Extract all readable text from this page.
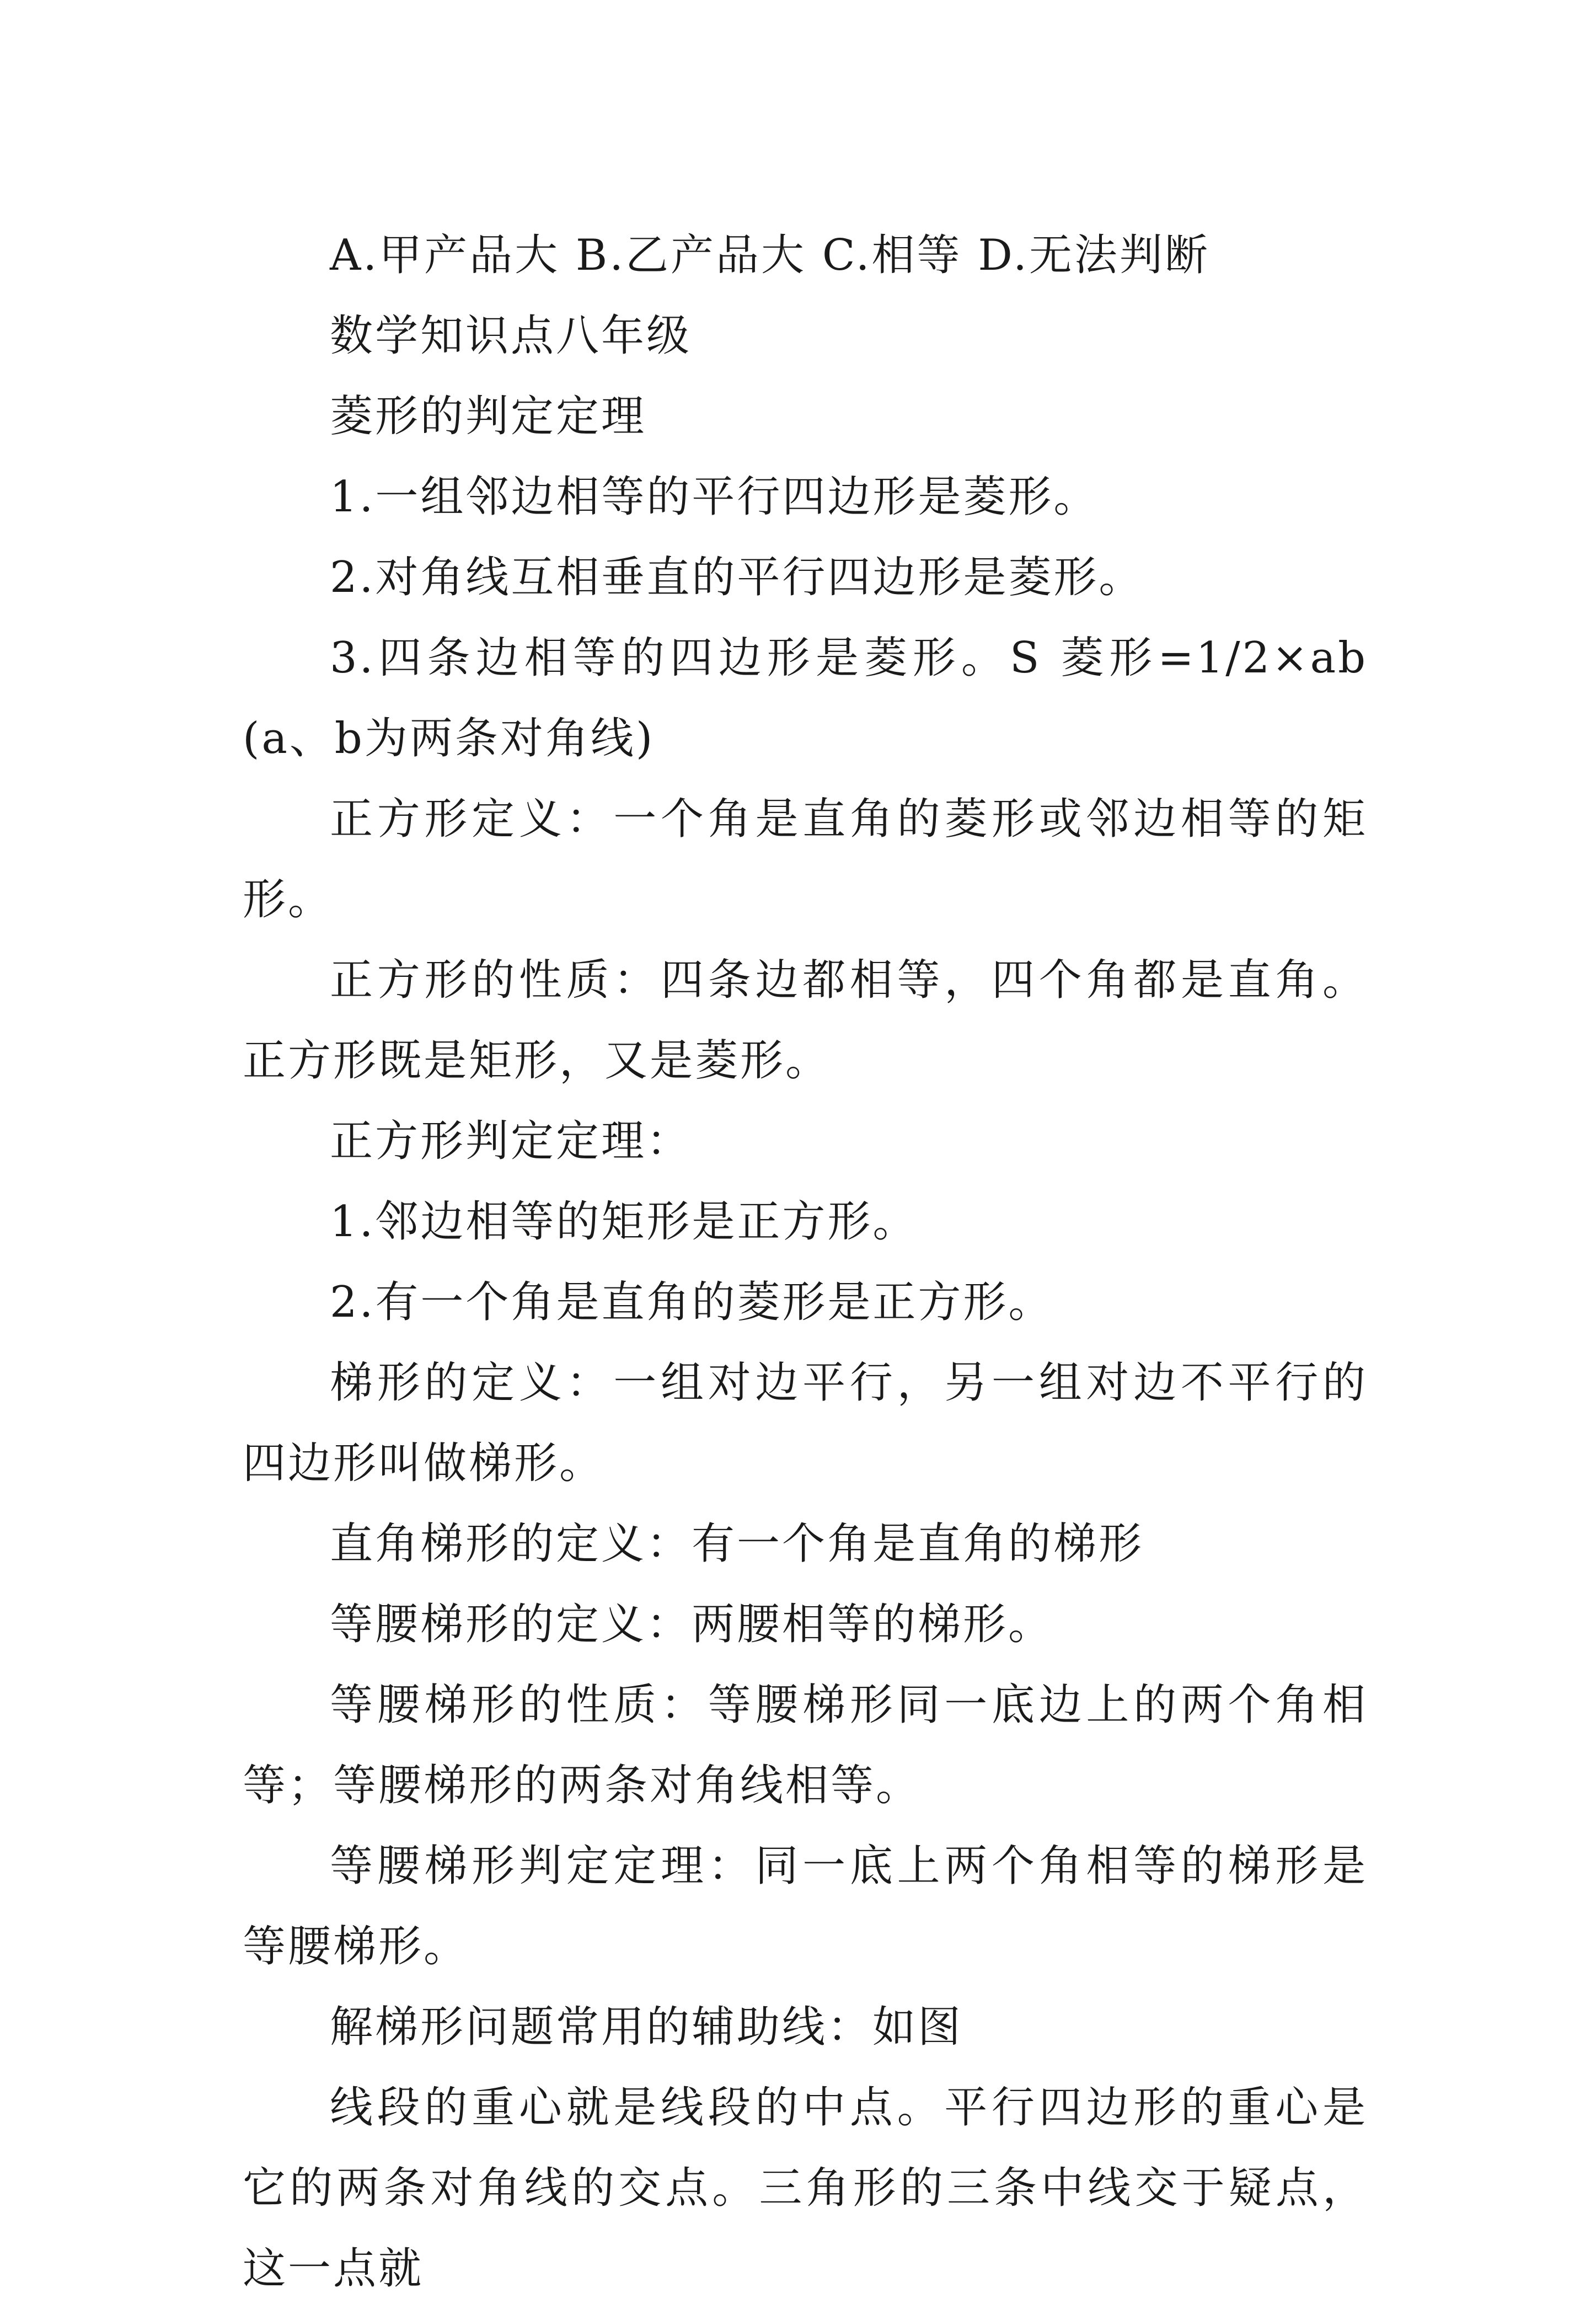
A.甲产品大 B.乙产品大 C.相等 D.无法判断

数学知识点八年级

菱形的判定定理

1.一组邻边相等的平行四边形是菱形。

2.对角线互相垂直的平行四边形是菱形。

3.四条边相等的四边形是菱形。S 菱形=1/2×ab(a、b为两条对角线)

正方形定义：一个角是直角的菱形或邻边相等的矩形。

正方形的性质：四条边都相等，四个角都是直角。正方形既是矩形，又是菱形。

正方形判定定理：

1.邻边相等的矩形是正方形。

2.有一个角是直角的菱形是正方形。

梯形的定义：一组对边平行，另一组对边不平行的四边形叫做梯形。

直角梯形的定义：有一个角是直角的梯形

等腰梯形的定义：两腰相等的梯形。

等腰梯形的性质：等腰梯形同一底边上的两个角相等；等腰梯形的两条对角线相等。

等腰梯形判定定理：同一底上两个角相等的梯形是等腰梯形。

解梯形问题常用的辅助线：如图

线段的重心就是线段的中点。平行四边形的重心是它的两条对角线的交点。三角形的三条中线交于疑点，这一点就
